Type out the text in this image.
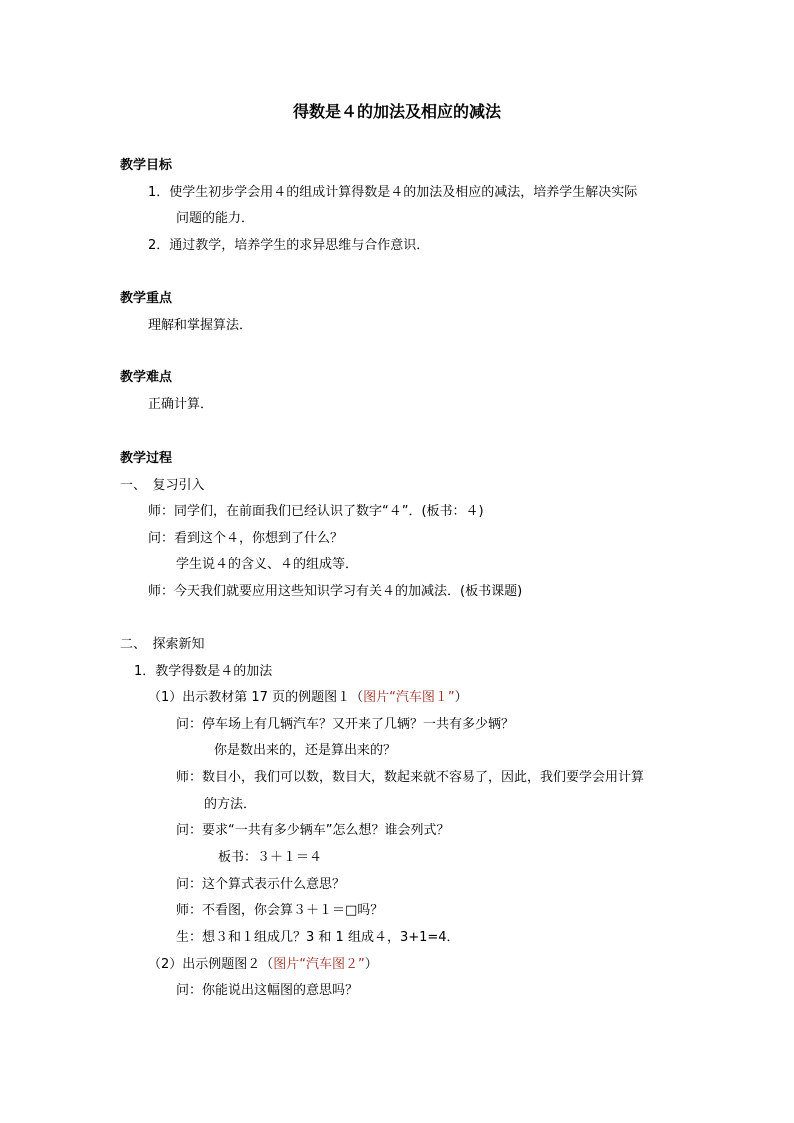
得数是４的加法及相应的减法
教学目标
1．使学生初步学会用４的组成计算得数是４的加法及相应的减法，培养学生解决实际
问题的能力．
2．通过教学，培养学生的求异思维与合作意识．
教学重点
理解和掌握算法．
教学难点
正确计算．
教学过程
一、　复习引入
师：同学们，在前面我们已经认识了数字“４”．(板书：４)
问：看到这个４，你想到了什么？
学生说４的含义、４的组成等．
师：今天我们就要应用这些知识学习有关４的加减法．(板书课题)
二、　探索新知
1．教学得数是４的加法
（1）出示教材第 17 页的例题图１（图片“汽车图１”）
问：停车场上有几辆汽车？又开来了几辆？一共有多少辆？
你是数出来的，还是算出来的？
师：数目小，我们可以数，数目大，数起来就不容易了，因此，我们要学会用计算
的方法．
问：要求“一共有多少辆车”怎么想？谁会列式？
板书：３＋１＝４
问：这个算式表示什么意思？
师：不看图，你会算３＋１＝□吗？
生：想３和１组成几？3 和 1 组成４，3+1=4．
（2）出示例题图２（图片“汽车图２”）
问：你能说出这幅图的意思吗？
